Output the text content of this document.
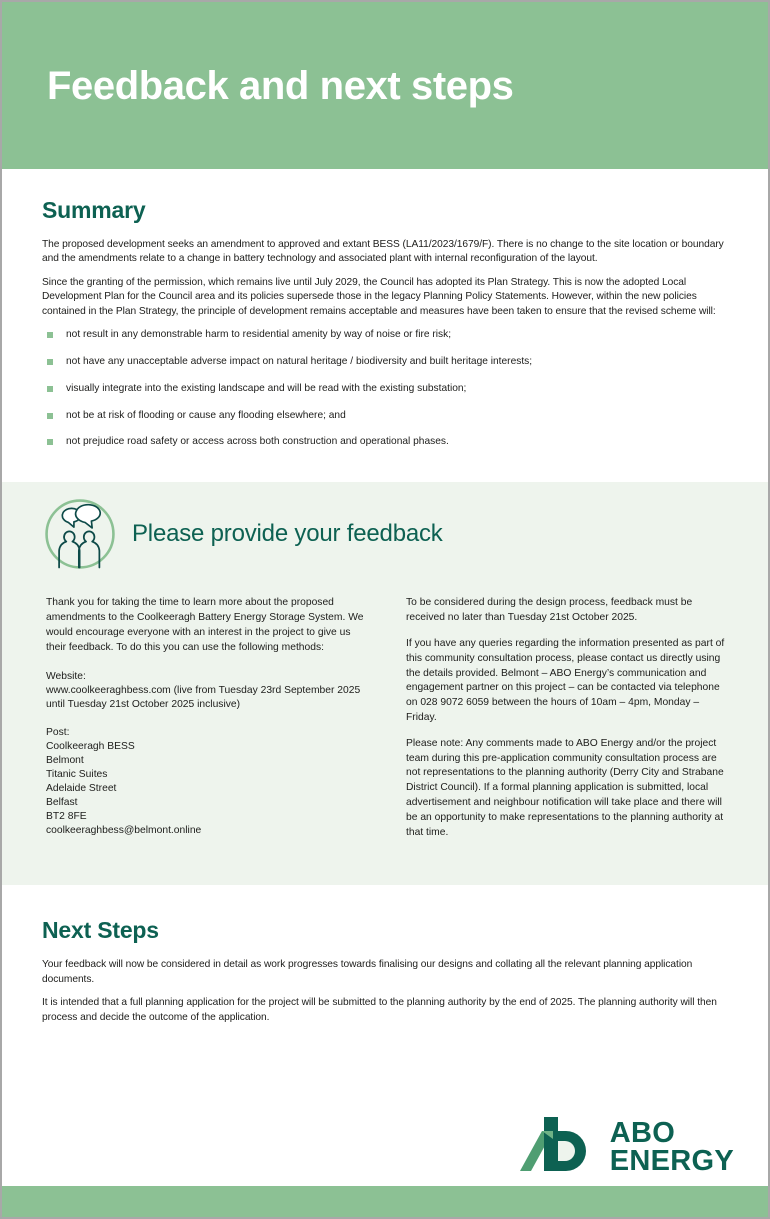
Feedback and next steps
Summary

The proposed development seeks an amendment to approved and extant BESS (LA11/2023/1679/F). There is no change to the site location or boundary and the amendments relate to a change in battery technology and associated plant with internal reconfiguration of the layout.

Since the granting of the permission, which remains live until July 2029, the Council has adopted its Plan Strategy. This is now the adopted Local Development Plan for the Council area and its policies supersede those in the legacy Planning Policy Statements. However, within the new policies contained in the Plan Strategy, the principle of development remains acceptable and measures have been taken to ensure that the revised scheme will:

not result in any demonstrable harm to residential amenity by way of noise or fire risk;
not have any unacceptable adverse impact on natural heritage / biodiversity and built heritage interests;
visually integrate into the existing landscape and will be read with the existing substation;
not be at risk of flooding or cause any flooding elsewhere; and
not prejudice road safety or access across both construction and operational phases.
Please provide your feedback

Thank you for taking the time to learn more about the proposed amendments to the Coolkeeragh Battery Energy Storage System. We would encourage everyone with an interest in the project to give us their feedback. To do this you can use the following methods:

Website:
www.coolkeeraghbess.com (live from Tuesday 23rd September 2025 until Tuesday 21st October 2025 inclusive)
Post:
Coolkeeragh BESS
Belmont
Titanic Suites
Adelaide Street
Belfast
BT2 8FE
coolkeeraghbess@belmont.online

To be considered during the design process, feedback must be received no later than Tuesday 21st October 2025.

If you have any queries regarding the information presented as part of this community consultation process, please contact us directly using the details provided. Belmont – ABO Energy’s communication and engagement partner on this project – can be contacted via telephone on 028 9072 6059 between the hours of 10am – 4pm, Monday – Friday.

Please note: Any comments made to ABO Energy and/or the project team during this pre-application community consultation process are not representations to the planning authority (Derry City and Strabane District Council). If a formal planning application is submitted, local advertisement and neighbour notification will take place and there will be an opportunity to make representations to the planning authority at that time.

Next Steps

Your feedback will now be considered in detail as work progresses towards finalising our designs and collating all the relevant planning application documents.

It is intended that a full planning application for the project will be submitted to the planning authority by the end of 2025. The planning authority will then process and decide the outcome of the application.

ABO
ENERGY
